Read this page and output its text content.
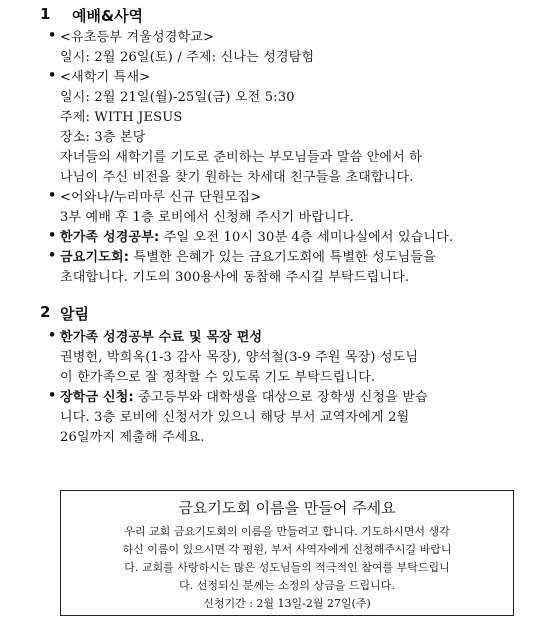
1 예배&사역
• <유초등부 겨울성경학교>
일시: 2월 26일(토) / 주제: 신나는 성경탐험
• <새학기 특새>
일시: 2월 21일(월)-25일(금) 오전 5:30
주제: WITH JESUS
장소: 3층 본당
자녀들의 새학기를 기도로 준비하는 부모님들과 말씀 안에서 하
나님이 주신 비전을 찾기 원하는 차세대 친구들을 초대합니다.
• <어와나/누리마루 신규 단원모집>
3부 예배 후 1층 로비에서 신청해 주시기 바랍니다.
• 한가족 성경공부: 주일 오전 10시 30분 4층 세미나실에서 있습니다.
• 금요기도회: 특별한 은혜가 있는 금요기도회에 특별한 성도님들을
초대합니다. 기도의 300용사에 동참해 주시길 부탁드립니다.
2 알림
• 한가족 성경공부 수료 및 목장 편성
권병헌, 박희옥(1-3 감사 목장), 양석철(3-9 주원 목장) 성도님
이 한가족으로 잘 정착할 수 있도록 기도 부탁드립니다.
• 장학금 신청: 중고등부와 대학생을 대상으로 장학생 신청을 받습
니다. 3층 로비에 신청서가 있으니 해당 부서 교역자에게 2월
26일까지 제출해 주세요.
금요기도회 이름을 만들어 주세요
우리 교회 금요기도회의 이름을 만들려고 합니다. 기도하시면서 생각
하신 이름이 있으시면 각 평원, 부서 사역자에게 신청해주시길 바랍니
다. 교회를 사랑하시는 많은 성도님들의 적극적인 참여를 부탁드립니
다. 선정되신 분께는 소정의 상금을 드립니다.
신청기간 : 2월 13일-2월 27일(주)
